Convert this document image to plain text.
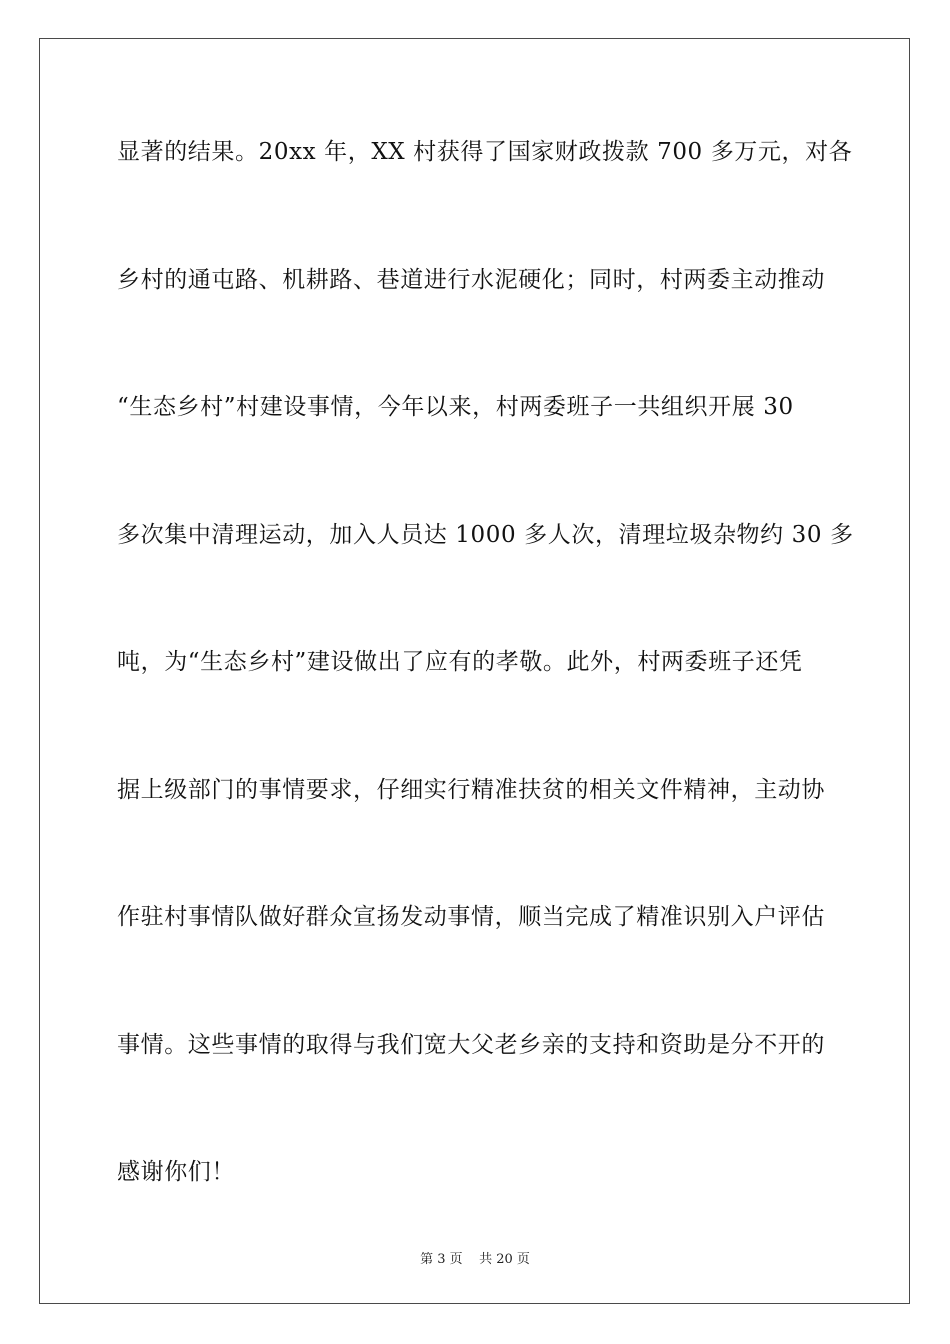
显著的结果。20xx 年，XX 村获得了国家财政拨款 700 多万元，对各
乡村的通屯路、机耕路、巷道进行水泥硬化；同时，村两委主动推动
“生态乡村”村建设事情，今年以来，村两委班子一共组织开展 30
多次集中清理运动，加入人员达 1000 多人次，清理垃圾杂物约 30 多
吨，为“生态乡村”建设做出了应有的孝敬。此外，村两委班子还凭
据上级部门的事情要求，仔细实行精准扶贫的相关文件精神，主动协
作驻村事情队做好群众宣扬发动事情，顺当完成了精准识别入户评估
事情。这些事情的取得与我们宽大父老乡亲的支持和资助是分不开的
感谢你们！
第 3 页    共 20 页
